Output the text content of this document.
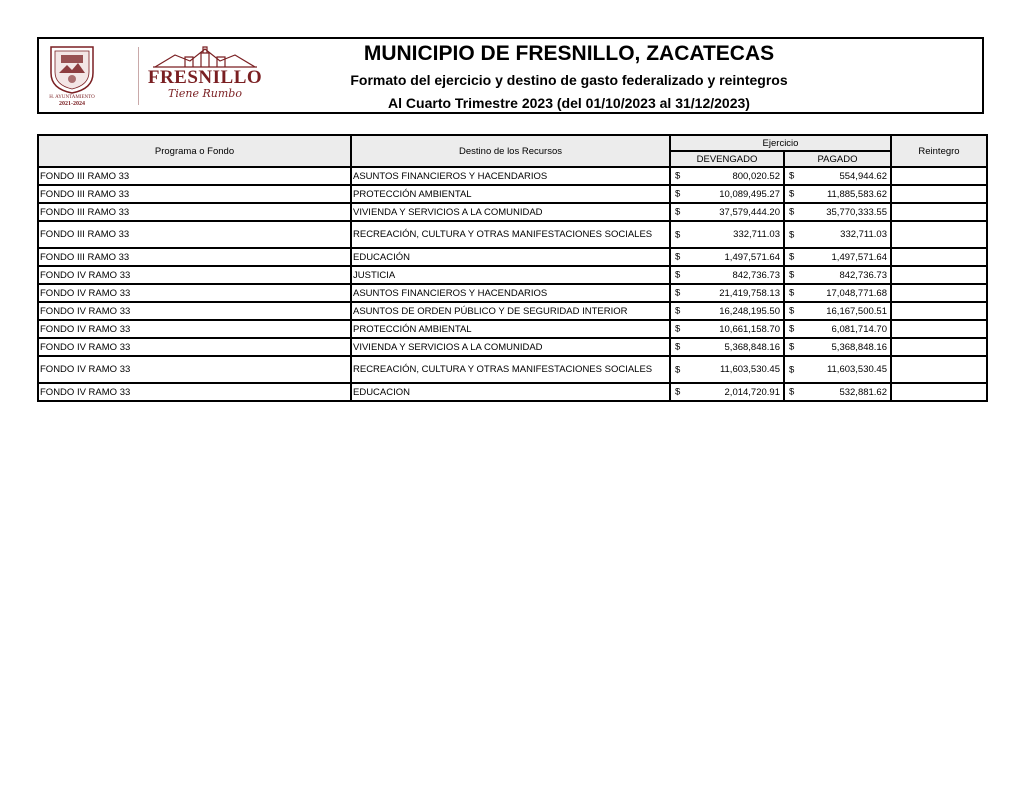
H. AYUNTAMIENTO
2021-2024
FRESNILLO
Tiene Rumbo
MUNICIPIO DE FRESNILLO, ZACATECAS
Formato del ejercicio y destino de gasto federalizado y reintegros
Al Cuarto Trimestre 2023 (del 01/10/2023 al 31/12/2023)
Programa o Fondo	Destino de los Recursos	Ejercicio		Reintegro
		DEVENGADO	PAGADO	
FONDO III RAMO 33	ASUNTOS FINANCIEROS Y HACENDARIOS	$ 800,020.52	$ 554,944.62	

FONDO III RAMO 33	PROTECCIÓN AMBIENTAL	$ 10,089,495.27	$ 11,885,583.62	

FONDO III RAMO 33	VIVIENDA Y SERVICIOS A LA COMUNIDAD	$ 37,579,444.20	$ 35,770,333.55	

FONDO III RAMO 33	RECREACIÓN, CULTURA Y OTRAS MANIFESTACIONES SOCIALES	$ 332,711.03	$ 332,711.03	

FONDO III RAMO 33	EDUCACIÓN	$ 1,497,571.64	$ 1,497,571.64	

FONDO IV RAMO 33	JUSTICIA	$ 842,736.73	$ 842,736.73	

FONDO IV RAMO 33	ASUNTOS FINANCIEROS Y HACENDARIOS	$ 21,419,758.13	$ 17,048,771.68	

FONDO IV RAMO 33	ASUNTOS DE ORDEN PÚBLICO Y DE SEGURIDAD INTERIOR	$ 16,248,195.50	$ 16,167,500.51	

FONDO IV RAMO 33	PROTECCIÓN AMBIENTAL	$ 10,661,158.70	$ 6,081,714.70	

FONDO IV RAMO 33	VIVIENDA Y SERVICIOS A LA COMUNIDAD	$ 5,368,848.16	$ 5,368,848.16	

FONDO IV RAMO 33	RECREACIÓN, CULTURA Y OTRAS MANIFESTACIONES SOCIALES	$ 11,603,530.45	$ 11,603,530.45	

FONDO IV RAMO 33	EDUCACION	$ 2,014,720.91	$ 532,881.62	
